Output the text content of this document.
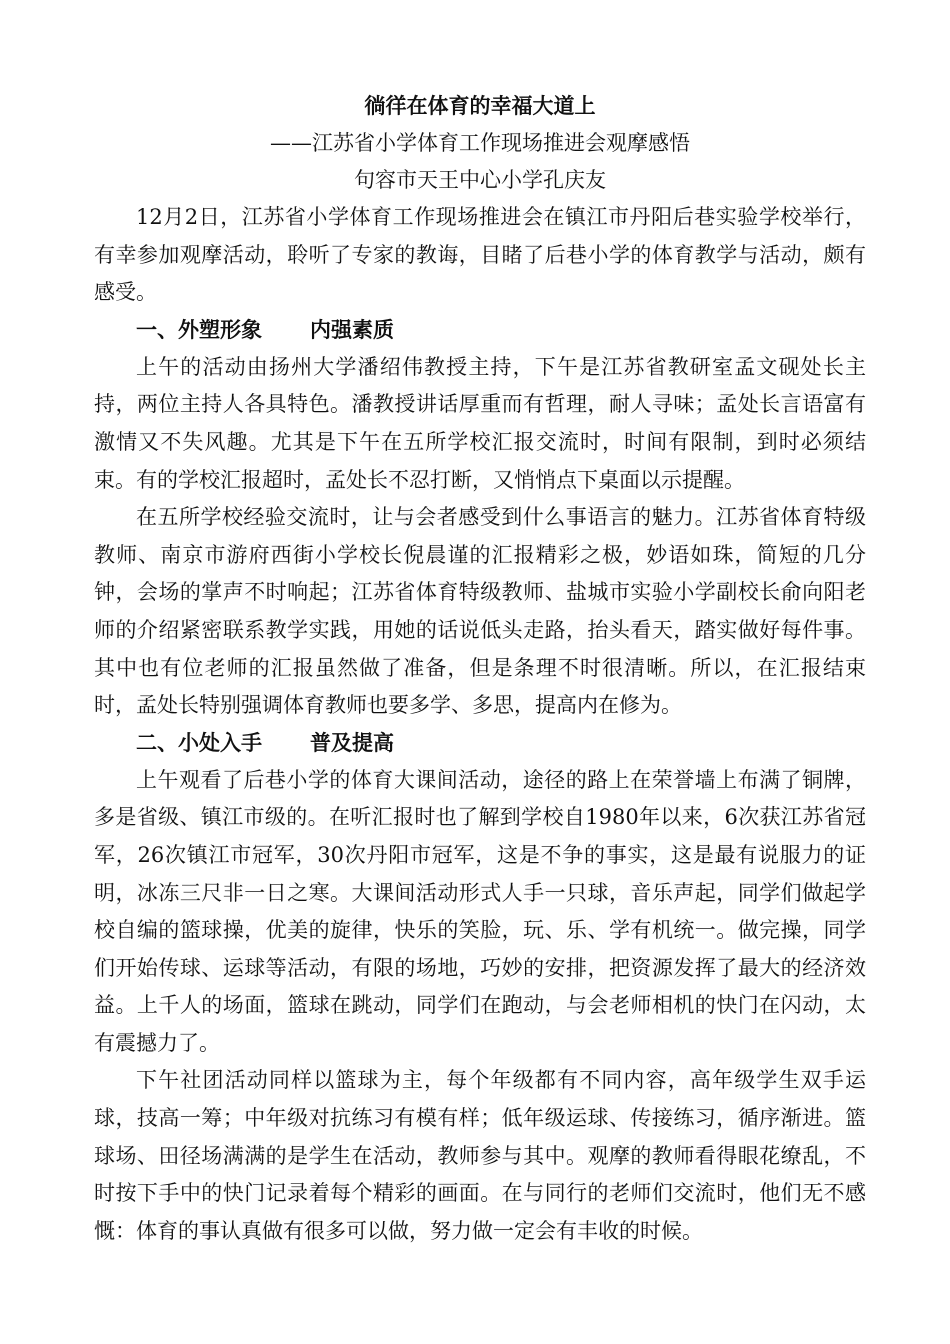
徜徉在体育的幸福大道上
——江苏省小学体育工作现场推进会观摩感悟
句容市天王中心小学孔庆友

12月2日，江苏省小学体育工作现场推进会在镇江市丹阳后巷实验学校举行，有幸参加观摩活动，聆听了专家的教诲，目睹了后巷小学的体育教学与活动，颇有感受。

一、外塑形象 内强素质

上午的活动由扬州大学潘绍伟教授主持，下午是江苏省教研室孟文砚处长主持，两位主持人各具特色。潘教授讲话厚重而有哲理，耐人寻味；孟处长言语富有激情又不失风趣。尤其是下午在五所学校汇报交流时，时间有限制，到时必须结束。有的学校汇报超时，孟处长不忍打断，又悄悄点下桌面以示提醒。

在五所学校经验交流时，让与会者感受到什么事语言的魅力。江苏省体育特级教师、南京市游府西街小学校长倪晨谨的汇报精彩之极，妙语如珠，简短的几分钟，会场的掌声不时响起；江苏省体育特级教师、盐城市实验小学副校长俞向阳老师的介绍紧密联系教学实践，用她的话说低头走路，抬头看天，踏实做好每件事。其中也有位老师的汇报虽然做了准备，但是条理不时很清晰。所以，在汇报结束时，孟处长特别强调体育教师也要多学、多思，提高内在修为。

二、小处入手 普及提高

上午观看了后巷小学的体育大课间活动，途径的路上在荣誉墙上布满了铜牌，多是省级、镇江市级的。在听汇报时也了解到学校自1980年以来，6次获江苏省冠军，26次镇江市冠军，30次丹阳市冠军，这是不争的事实，这是最有说服力的证明，冰冻三尺非一日之寒。大课间活动形式人手一只球，音乐声起，同学们做起学校自编的篮球操，优美的旋律，快乐的笑脸，玩、乐、学有机统一。做完操，同学们开始传球、运球等活动，有限的场地，巧妙的安排，把资源发挥了最大的经济效益。上千人的场面，篮球在跳动，同学们在跑动，与会老师相机的快门在闪动，太有震撼力了。

下午社团活动同样以篮球为主，每个年级都有不同内容，高年级学生双手运球，技高一筹；中年级对抗练习有模有样；低年级运球、传接练习，循序渐进。篮球场、田径场满满的是学生在活动，教师参与其中。观摩的教师看得眼花缭乱，不时按下手中的快门记录着每个精彩的画面。在与同行的老师们交流时，他们无不感慨：体育的事认真做有很多可以做，努力做一定会有丰收的时候。
